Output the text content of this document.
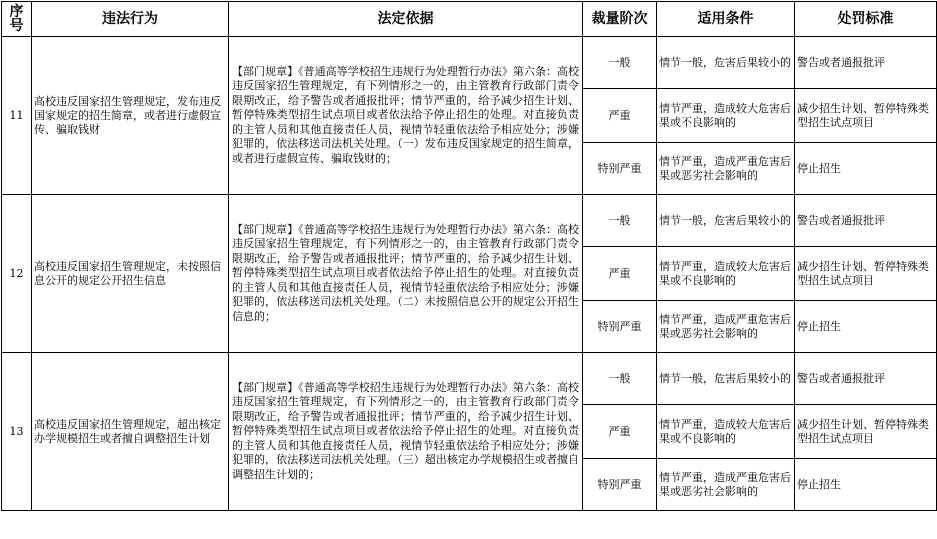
序号	违法行为	法定依据	裁量阶次	适用条件	处罚标准
11	高校违反国家招生管理规定，发布违反国家规定的招生简章，或者进行虚假宣传、骗取钱财	【部门规章】《普通高等学校招生违规行为处理暂行办法》第六条：高校违反国家招生管理规定，有下列情形之一的，由主管教育行政部门责令限期改正，给予警告或者通报批评；情节严重的，给予减少招生计划、暂停特殊类型招生试点项目或者依法给予停止招生的处理。对直接负责的主管人员和其他直接责任人员，视情节轻重依法给予相应处分；涉嫌犯罪的，依法移送司法机关处理。（一）发布违反国家规定的招生简章，或者进行虚假宣传、骗取钱财的；	一般	情节一般，危害后果较小的	警告或者通报批评
			严重	情节严重，造成较大危害后果或不良影响的	减少招生计划、暂停特殊类型招生试点项目
			特别严重	情节严重，造成严重危害后果或恶劣社会影响的	停止招生
12	高校违反国家招生管理规定，未按照信息公开的规定公开招生信息	【部门规章】《普通高等学校招生违规行为处理暂行办法》第六条：高校违反国家招生管理规定，有下列情形之一的，由主管教育行政部门责令限期改正，给予警告或者通报批评；情节严重的，给予减少招生计划、暂停特殊类型招生试点项目或者依法给予停止招生的处理。对直接负责的主管人员和其他直接责任人员，视情节轻重依法给予相应处分；涉嫌犯罪的，依法移送司法机关处理。（二）未按照信息公开的规定公开招生信息的；	一般	情节一般，危害后果较小的	警告或者通报批评
			严重	情节严重，造成较大危害后果或不良影响的	减少招生计划、暂停特殊类型招生试点项目
			特别严重	情节严重，造成严重危害后果或恶劣社会影响的	停止招生
13	高校违反国家招生管理规定，超出核定办学规模招生或者擅自调整招生计划	【部门规章】《普通高等学校招生违规行为处理暂行办法》第六条：高校违反国家招生管理规定，有下列情形之一的，由主管教育行政部门责令限期改正，给予警告或者通报批评；情节严重的，给予减少招生计划、暂停特殊类型招生试点项目或者依法给予停止招生的处理。对直接负责的主管人员和其他直接责任人员，视情节轻重依法给予相应处分；涉嫌犯罪的，依法移送司法机关处理。（三）超出核定办学规模招生或者擅自调整招生计划的；	一般	情节一般，危害后果较小的	警告或者通报批评
			严重	情节严重，造成较大危害后果或不良影响的	减少招生计划、暂停特殊类型招生试点项目
			特别严重	情节严重，造成严重危害后果或恶劣社会影响的	停止招生
